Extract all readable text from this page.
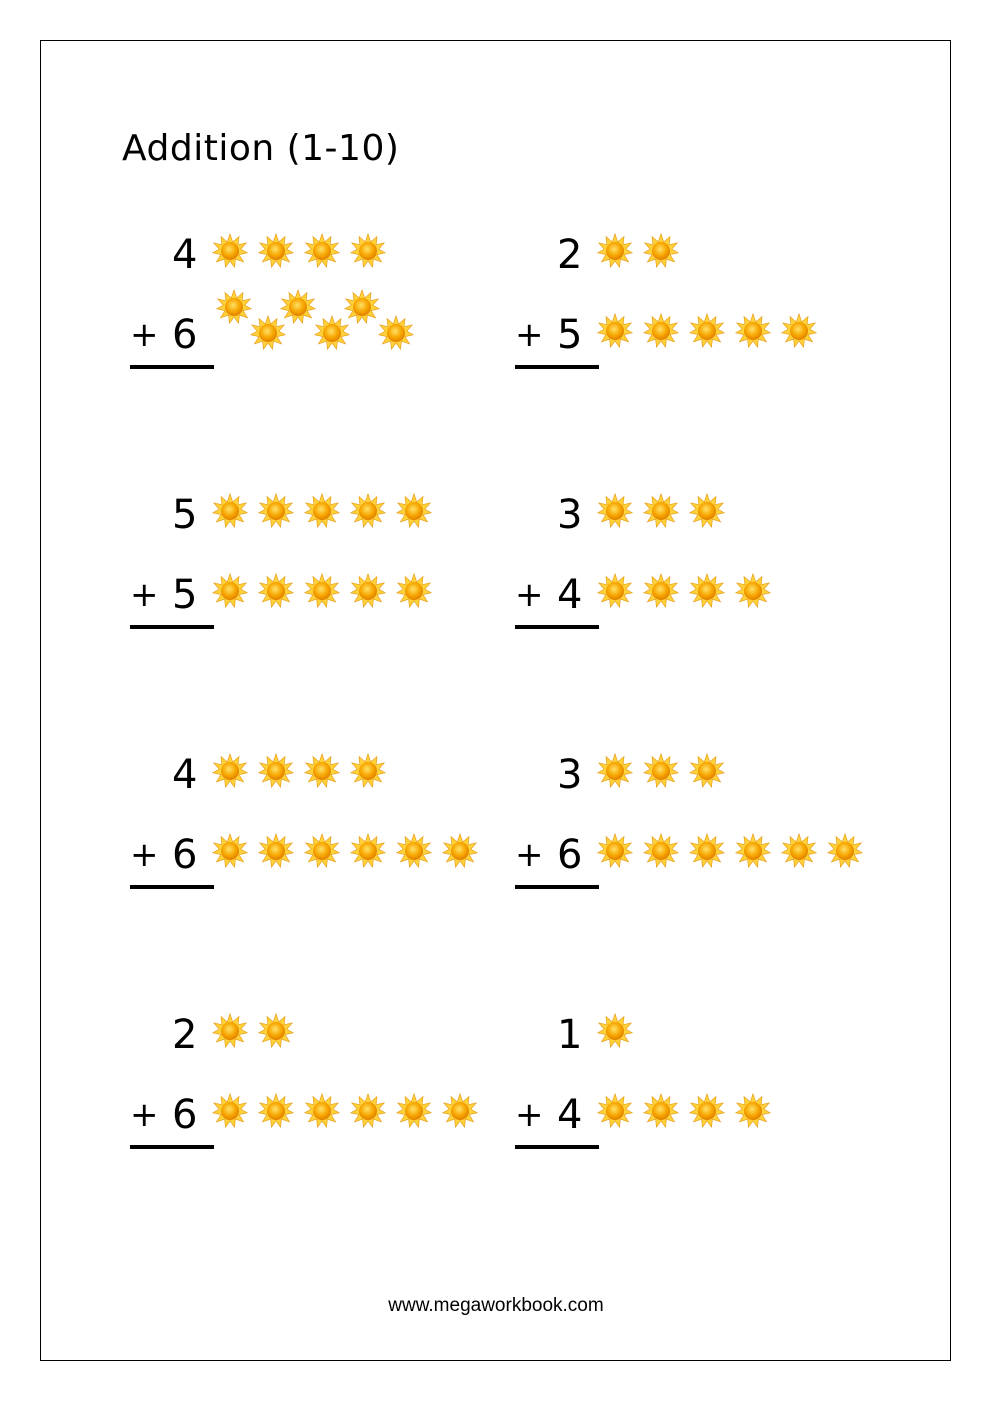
Addition (1-10)
4
+ 6
2
+ 5
5
+ 5
3
+ 4
4
+ 6
3
+ 6
2
+ 6
1
+ 4
www.megaworkbook.com
